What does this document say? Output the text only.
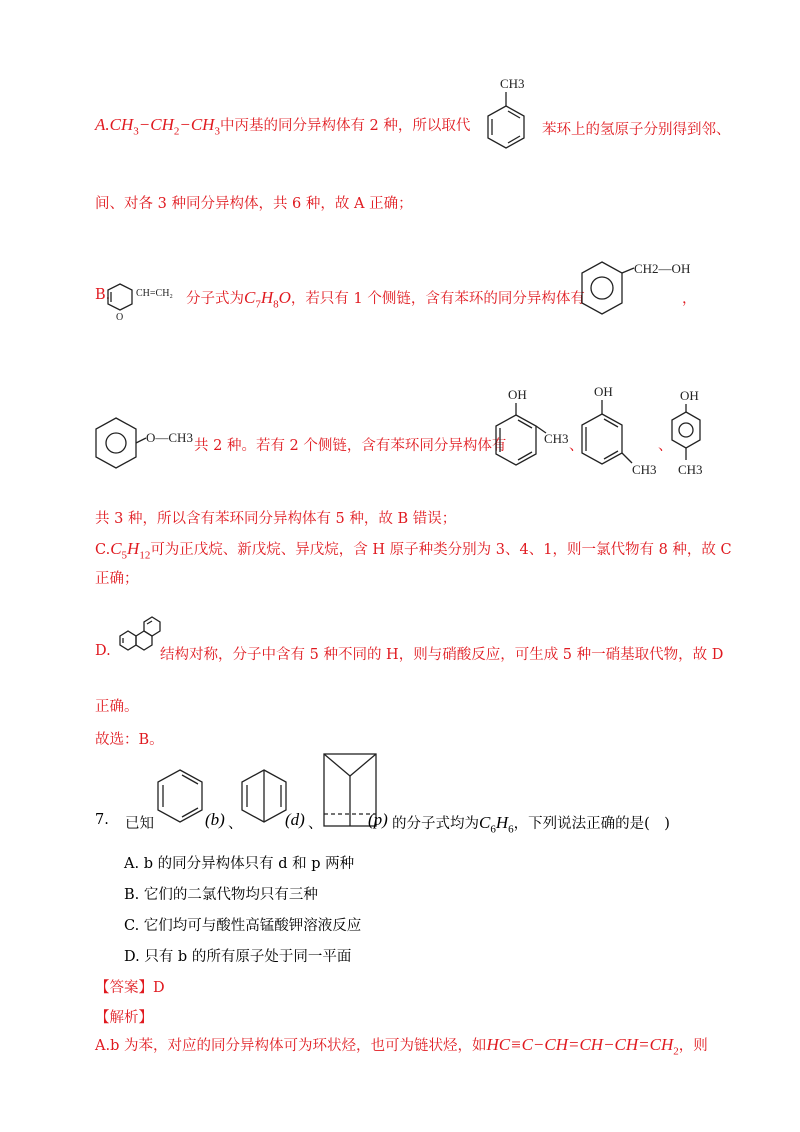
$A.CH_3-CH_2-CH_3$中丙基的同分异构体有 2 种，所以取代
CH3
苯环上的氢原子分别得到邻、
间、对各 3 种同分异构体，共 6 种，故 A 正确；
B.
O
CH=CH₂ 分子式为$C_7H_8O$，若只有 1 个侧链，含有苯环的同分异构体有
CH2—OH
，
O—CH3
共 2 种。若有 2 个侧链，含有苯环同分异构体有
OH
CH3 、
OH
CH3
、
OH
CH3
共 3 种，所以含有苯环同分异构体有 5 种，故 B 错误；
$C.C_5H_{12}$可为正戊烷、新戊烷、异戊烷，含 H 原子种类分别为 3、4、1，则一氯代物有 8 种，故 C
正确；
D.	结构对称，分子中含有 5 种不同的 H，则与硝酸反应，可生成 5 种一硝基取代物，故 D
正确。
故选：B。
7. 已知	(b) 、	(d) 、	(p) 的分子式均为$C_6H_6$，下列说法正确的是(　)
A. b 的同分异构体只有 d 和 p 两种
B. 它们的二氯代物均只有三种
C. 它们均可与酸性高锰酸钾溶液反应
D. 只有 b 的所有原子处于同一平面
【答案】D
【解析】
A.b 为苯，对应的同分异构体可为环状烃，也可为链状烃，如$HC\equiv C-CH=CH-CH=CH_2$，则
